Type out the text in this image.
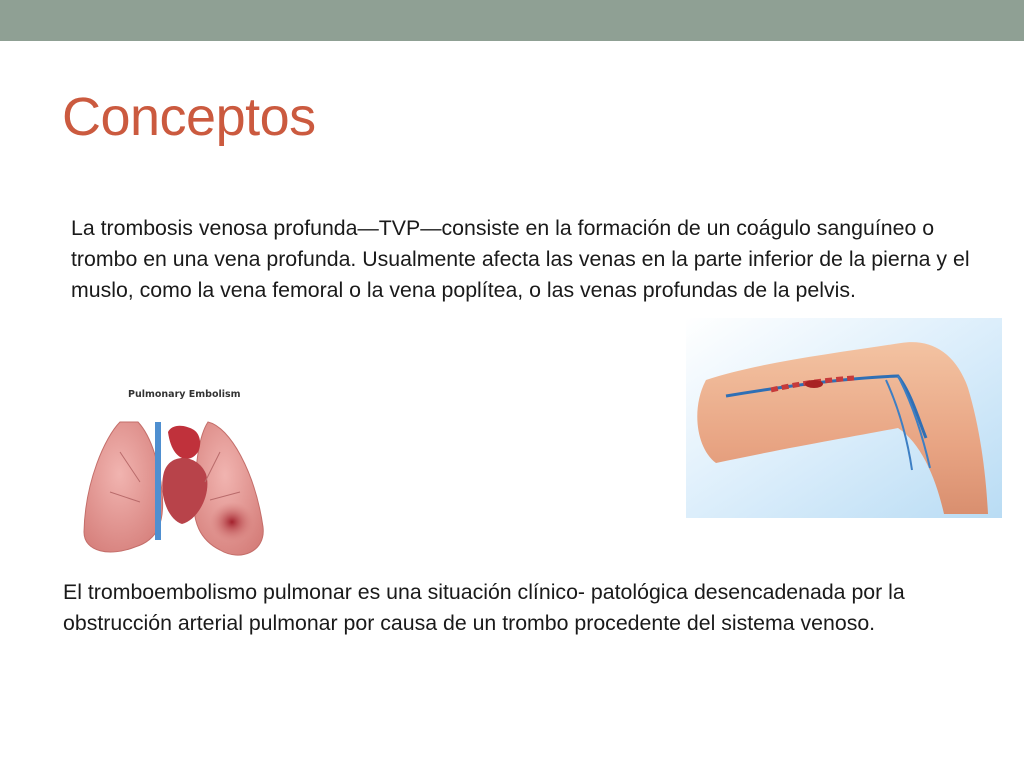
Conceptos

La trombosis venosa profunda—TVP—consiste en la formación de un coágulo sanguíneo o trombo en una vena profunda. Usualmente afecta las venas en la parte inferior de la pierna y el muslo, como la vena femoral o la vena poplítea, o las venas profundas de la pelvis.

Pulmonary Embolism

El tromboembolismo pulmonar es una situación clínico- patológica desencadenada por la obstrucción arterial pulmonar por causa de un trombo procedente del sistema venoso.
